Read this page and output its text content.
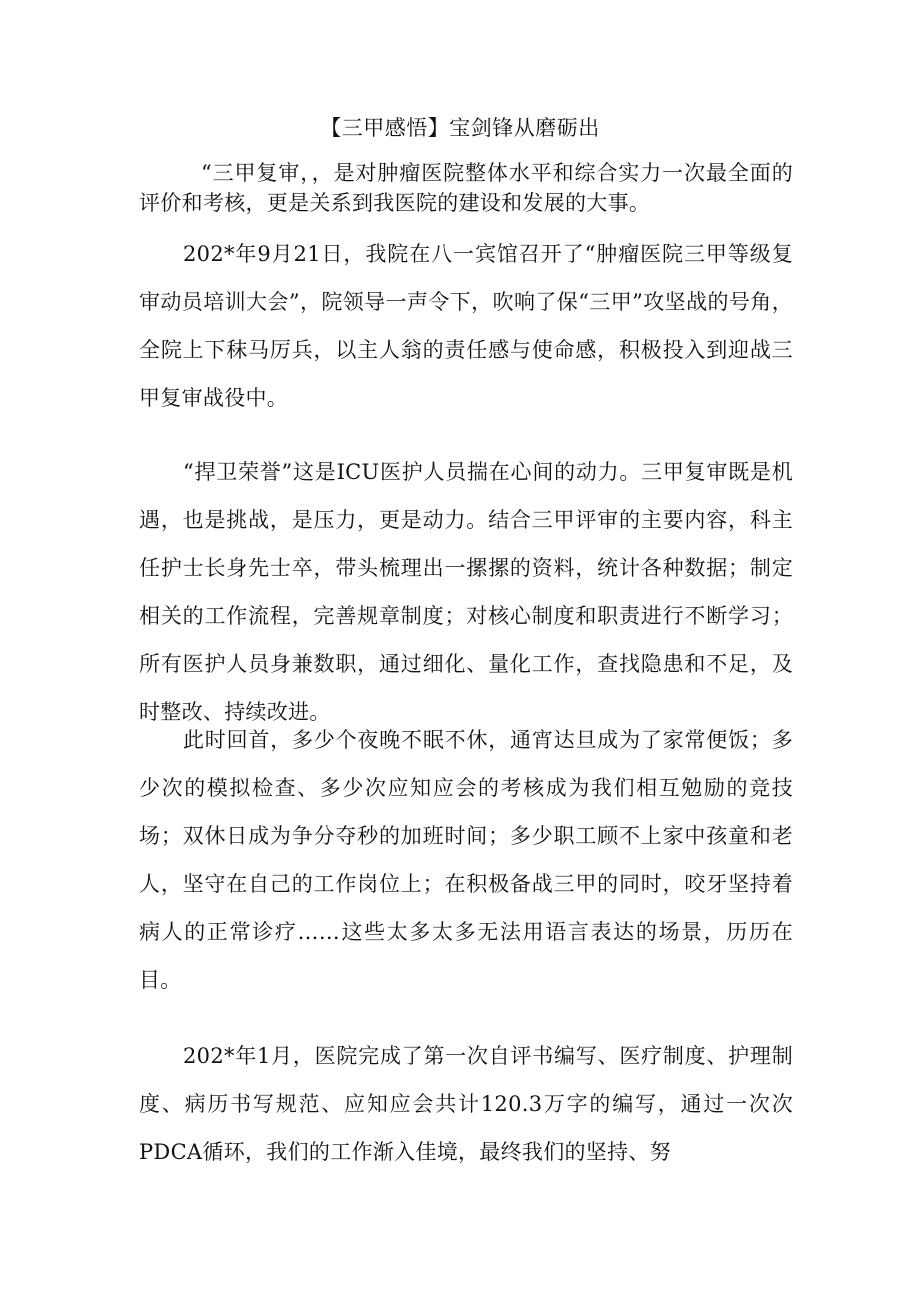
【三甲感悟】宝剑锋从磨砺出

“三甲复审，，是对肿瘤医院整体水平和综合实力一次最全面的评价和考核，更是关系到我医院的建设和发展的大事。

202*年9月21日，我院在八一宾馆召开了“肿瘤医院三甲等级复审动员培训大会”，院领导一声令下，吹响了保“三甲”攻坚战的号角，全院上下秣马厉兵，以主人翁的责任感与使命感，积极投入到迎战三甲复审战役中。

“捍卫荣誉”这是ICU医护人员揣在心间的动力。三甲复审既是机遇，也是挑战，是压力，更是动力。结合三甲评审的主要内容，科主任护士长身先士卒，带头梳理出一摞摞的资料，统计各种数据；制定相关的工作流程，完善规章制度；对核心制度和职责进行不断学习；所有医护人员身兼数职，通过细化、量化工作，查找隐患和不足，及时整改、持续改进。

此时回首，多少个夜晚不眠不休，通宵达旦成为了家常便饭；多少次的模拟检查、多少次应知应会的考核成为我们相互勉励的竞技场；双休日成为争分夺秒的加班时间；多少职工顾不上家中孩童和老人，坚守在自己的工作岗位上；在积极备战三甲的同时，咬牙坚持着病人的正常诊疗……这些太多太多无法用语言表达的场景，历历在目。

202*年1月，医院完成了第一次自评书编写、医疗制度、护理制度、病历书写规范、应知应会共计120.3万字的编写，通过一次次PDCA循环，我们的工作渐入佳境，最终我们的坚持、努
